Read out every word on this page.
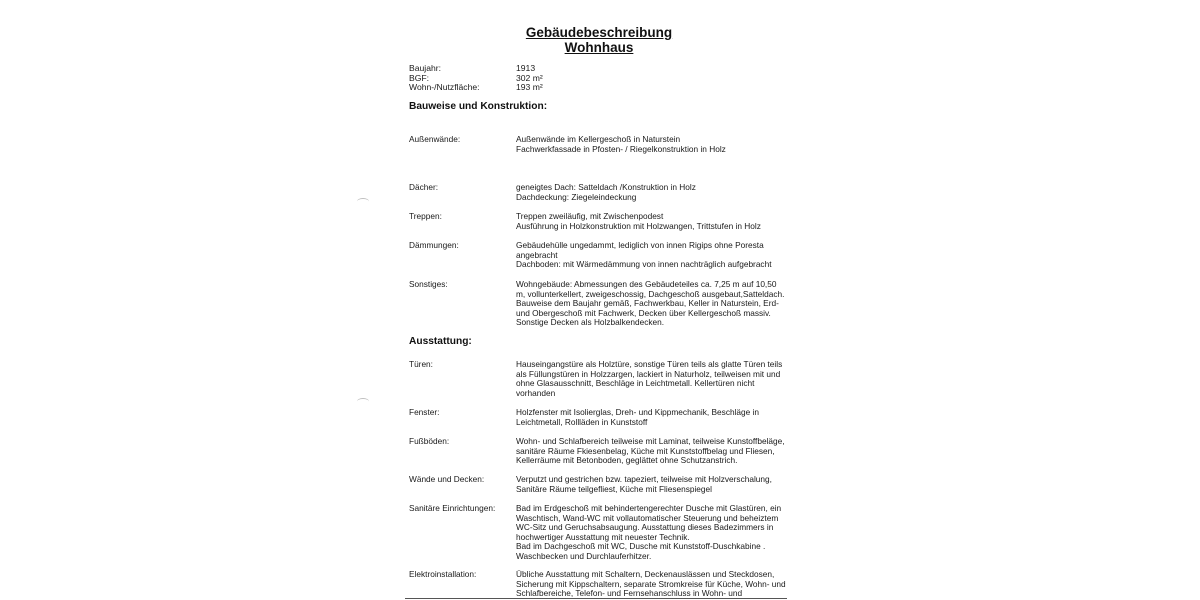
Gebäudebeschreibung
Wohnhaus
Baujahr:	1913
BGF:	302 m²
Wohn-/Nutzfläche:	193 m²
Bauweise und Konstruktion:
Außenwände:	Außenwände im Kellergeschoß in Naturstein
Fachwerkfassade in Pfosten- / Riegelkonstruktion in Holz
Dächer:	geneigtes Dach: Satteldach /Konstruktion in Holz
Dachdeckung: Ziegeleindeckung
Treppen:	Treppen zweiläufig, mit Zwischenpodest
Ausführung in Holzkonstruktion mit Holzwangen, Trittstufen in Holz
Dämmungen:	Gebäudehülle ungedammt, lediglich von innen Rigips ohne Poresta
angebracht
Dachboden: mit Wärmedämmung von innen nachträglich aufgebracht
Sonstiges:	Wohngebäude: Abmessungen des Gebäudeteiles ca. 7,25 m auf 10,50
m, vollunterkellert, zweigeschossig, Dachgeschoß ausgebaut,Satteldach.
Bauweise dem Baujahr gemäß, Fachwerkbau, Keller in Naturstein, Erd-
und Obergeschoß mit Fachwerk, Decken über Kellergeschoß massiv.
Sonstige Decken als Holzbalkendecken.
Ausstattung:
Türen:	Hauseingangstüre als Holztüre, sonstige Türen teils als glatte Türen teils
als Füllungstüren in Holzzargen, lackiert in Naturholz, teilweisen mit und
ohne Glasausschnitt, Beschläge in Leichtmetall. Kellertüren nicht
vorhanden
Fenster:	Holzfenster mit Isolierglas, Dreh- und Kippmechanik, Beschläge in
Leichtmetall, Rollläden in Kunststoff
Fußböden:	Wohn- und Schlafbereich teilweise mit Laminat, teilweise Kunstoffbeläge,
sanitäre Räume Fkiesenbelag, Küche mit Kunststoffbelag und Fliesen,
Kellerräume mit Betonboden, geglättet ohne Schutzanstrich.
Wände und Decken:	Verputzt und gestrichen bzw. tapeziert, teilweise mit Holzverschalung,
Sanitäre Räume teilgefliest, Küche mit Fliesenspiegel
Sanitäre Einrichtungen:	Bad im Erdgeschoß mit behindertengerechter Dusche mit Glastüren, ein
Waschtisch, Wand-WC mit vollautomatischer Steuerung und beheiztem
WC-Sitz und Geruchsabsaugung. Ausstattung dieses Badezimmers in
hochwertiger Ausstattung mit neuester Technik.
Bad im Dachgeschoß mit WC, Dusche mit Kunststoff-Duschkabine .
Waschbecken und Durchlauferhitzer.
Elektroinstallation:	Übliche Ausstattung mit Schaltern, Deckenauslässen und Steckdosen,
Sicherung mit Kippschaltern, separate Stromkreise für Küche, Wohn- und
Schlafbereiche, Telefon- und Fernsehanschluss in Wohn- und
